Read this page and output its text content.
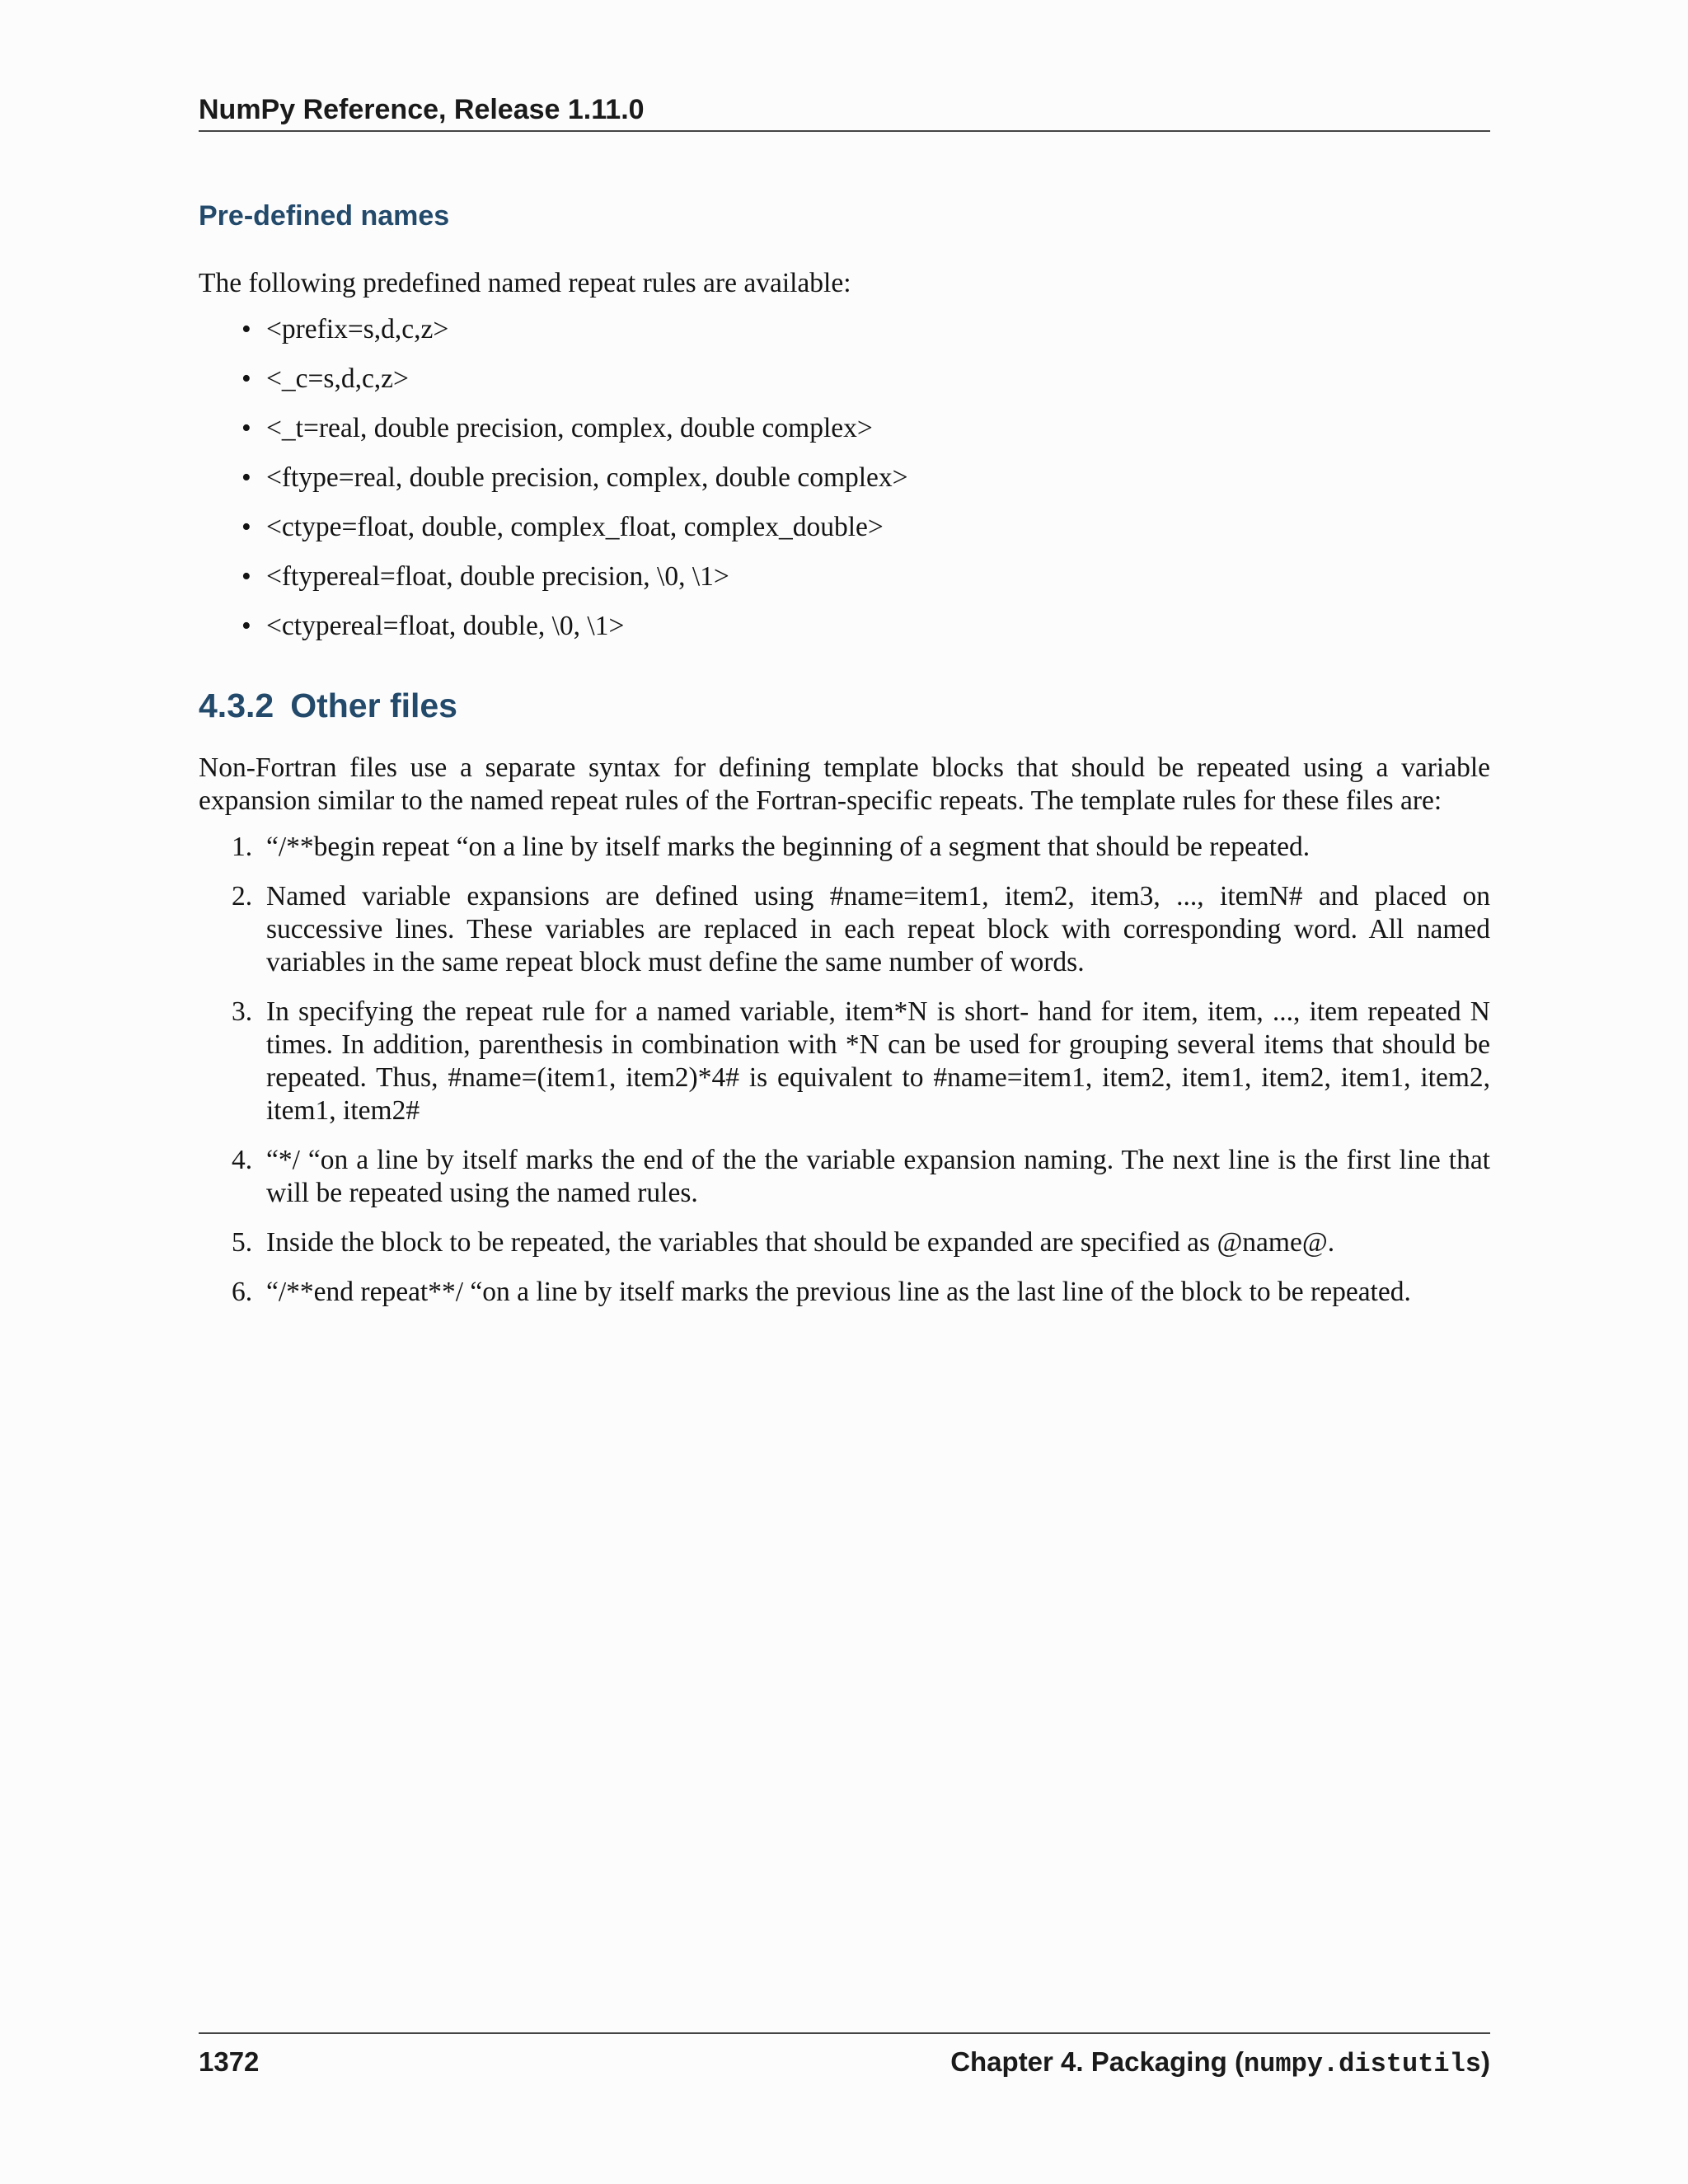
NumPy Reference, Release 1.11.0
Pre-defined names

The following predefined named repeat rules are available:

• <prefix=s,d,c,z>
• <_c=s,d,c,z>
• <_t=real, double precision, complex, double complex>
• <ftype=real, double precision, complex, double complex>
• <ctype=float, double, complex_float, complex_double>
• <ftypereal=float, double precision, \0, \1>
• <ctypereal=float, double, \0, \1>
4.3.2 Other files

Non-Fortran files use a separate syntax for defining template blocks that should be repeated using a variable expansion similar to the named repeat rules of the Fortran-specific repeats. The template rules for these files are:

1. “/**begin repeat “on a line by itself marks the beginning of a segment that should be repeated.
2. Named variable expansions are defined using #name=item1, item2, item3, ..., itemN# and placed on successive lines. These variables are replaced in each repeat block with corresponding word. All named variables in the same repeat block must define the same number of words.
3. In specifying the repeat rule for a named variable, item*N is short- hand for item, item, ..., item repeated N times. In addition, parenthesis in combination with *N can be used for grouping several items that should be repeated. Thus, #name=(item1, item2)*4# is equivalent to #name=item1, item2, item1, item2, item1, item2, item1, item2#
4. “*/ “on a line by itself marks the end of the the variable expansion naming. The next line is the first line that will be repeated using the named rules.
5. Inside the block to be repeated, the variables that should be expanded are specified as @name@.
6. “/**end repeat**/ “on a line by itself marks the previous line as the last line of the block to be repeated.
1372	Chapter 4. Packaging (numpy.distutils)
